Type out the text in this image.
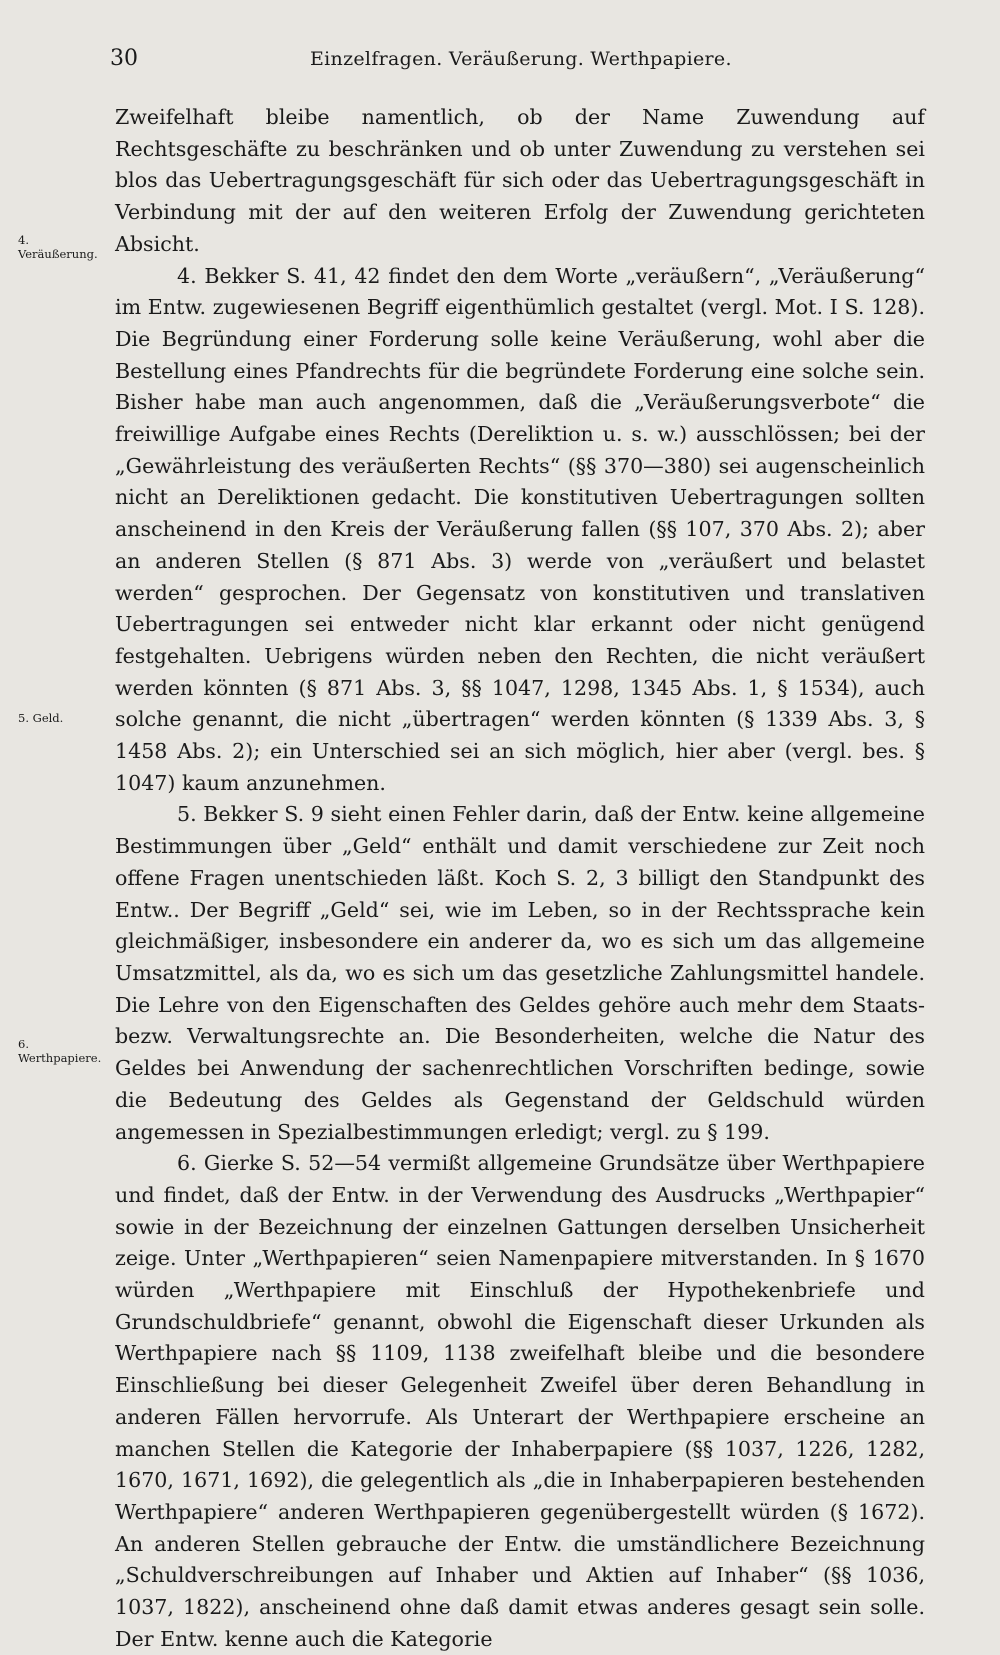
30	Einzelfragen. Veräußerung. Werthpapiere.
4. Veräußerung.
5. Geld.
6. Werthpapiere.

Zweifelhaft bleibe namentlich, ob der Name Zuwendung auf Rechtsgeschäfte zu beschränken und ob unter Zuwendung zu verstehen sei blos das Uebertragungsgeschäft für sich oder das Uebertragungsgeschäft in Verbindung mit der auf den weiteren Erfolg der Zuwendung gerichteten Absicht.

4. Bekker S. 41, 42 findet den dem Worte „veräußern“, „Veräußerung“ im Entw. zugewiesenen Begriff eigenthümlich gestaltet (vergl. Mot. I S. 128). Die Begründung einer Forderung solle keine Veräußerung, wohl aber die Bestellung eines Pfandrechts für die begründete Forderung eine solche sein. Bisher habe man auch angenommen, daß die „Veräußerungsverbote“ die freiwillige Aufgabe eines Rechts (Dereliktion u. s. w.) ausschlössen; bei der „Gewährleistung des veräußerten Rechts“ (§§ 370—380) sei augenscheinlich nicht an Dereliktionen gedacht. Die konstitutiven Uebertragungen sollten anscheinend in den Kreis der Veräußerung fallen (§§ 107, 370 Abs. 2); aber an anderen Stellen (§ 871 Abs. 3) werde von „veräußert und belastet werden“ gesprochen. Der Gegensatz von konstitutiven und translativen Uebertragungen sei entweder nicht klar erkannt oder nicht genügend festgehalten. Uebrigens würden neben den Rechten, die nicht veräußert werden könnten (§ 871 Abs. 3, §§ 1047, 1298, 1345 Abs. 1, § 1534), auch solche genannt, die nicht „übertragen“ werden könnten (§ 1339 Abs. 3, § 1458 Abs. 2); ein Unterschied sei an sich möglich, hier aber (vergl. bes. § 1047) kaum anzunehmen.

5. Bekker S. 9 sieht einen Fehler darin, daß der Entw. keine allgemeine Bestimmungen über „Geld“ enthält und damit verschiedene zur Zeit noch offene Fragen unentschieden läßt. Koch S. 2, 3 billigt den Standpunkt des Entw.. Der Begriff „Geld“ sei, wie im Leben, so in der Rechtssprache kein gleichmäßiger, insbesondere ein anderer da, wo es sich um das allgemeine Umsatzmittel, als da, wo es sich um das gesetzliche Zahlungsmittel handele. Die Lehre von den Eigenschaften des Geldes gehöre auch mehr dem Staats- bezw. Verwaltungsrechte an. Die Besonderheiten, welche die Natur des Geldes bei Anwendung der sachenrechtlichen Vorschriften bedinge, sowie die Bedeutung des Geldes als Gegenstand der Geldschuld würden angemessen in Spezialbestimmungen erledigt; vergl. zu § 199.

6. Gierke S. 52—54 vermißt allgemeine Grundsätze über Werthpapiere und findet, daß der Entw. in der Verwendung des Ausdrucks „Werthpapier“ sowie in der Bezeichnung der einzelnen Gattungen derselben Unsicherheit zeige. Unter „Werthpapieren“ seien Namenpapiere mitverstanden. In § 1670 würden „Werthpapiere mit Einschluß der Hypothekenbriefe und Grundschuldbriefe“ genannt, obwohl die Eigenschaft dieser Urkunden als Werthpapiere nach §§ 1109, 1138 zweifelhaft bleibe und die besondere Einschließung bei dieser Gelegenheit Zweifel über deren Behandlung in anderen Fällen hervorrufe. Als Unterart der Werthpapiere erscheine an manchen Stellen die Kategorie der Inhaberpapiere (§§ 1037, 1226, 1282, 1670, 1671, 1692), die gelegentlich als „die in Inhaberpapieren bestehenden Werthpapiere“ anderen Werthpapieren gegenübergestellt würden (§ 1672). An anderen Stellen gebrauche der Entw. die umständlichere Bezeichnung „Schuldverschreibungen auf Inhaber und Aktien auf Inhaber“ (§§ 1036, 1037, 1822), anscheinend ohne daß damit etwas anderes gesagt sein solle. Der Entw. kenne auch die Kategorie
